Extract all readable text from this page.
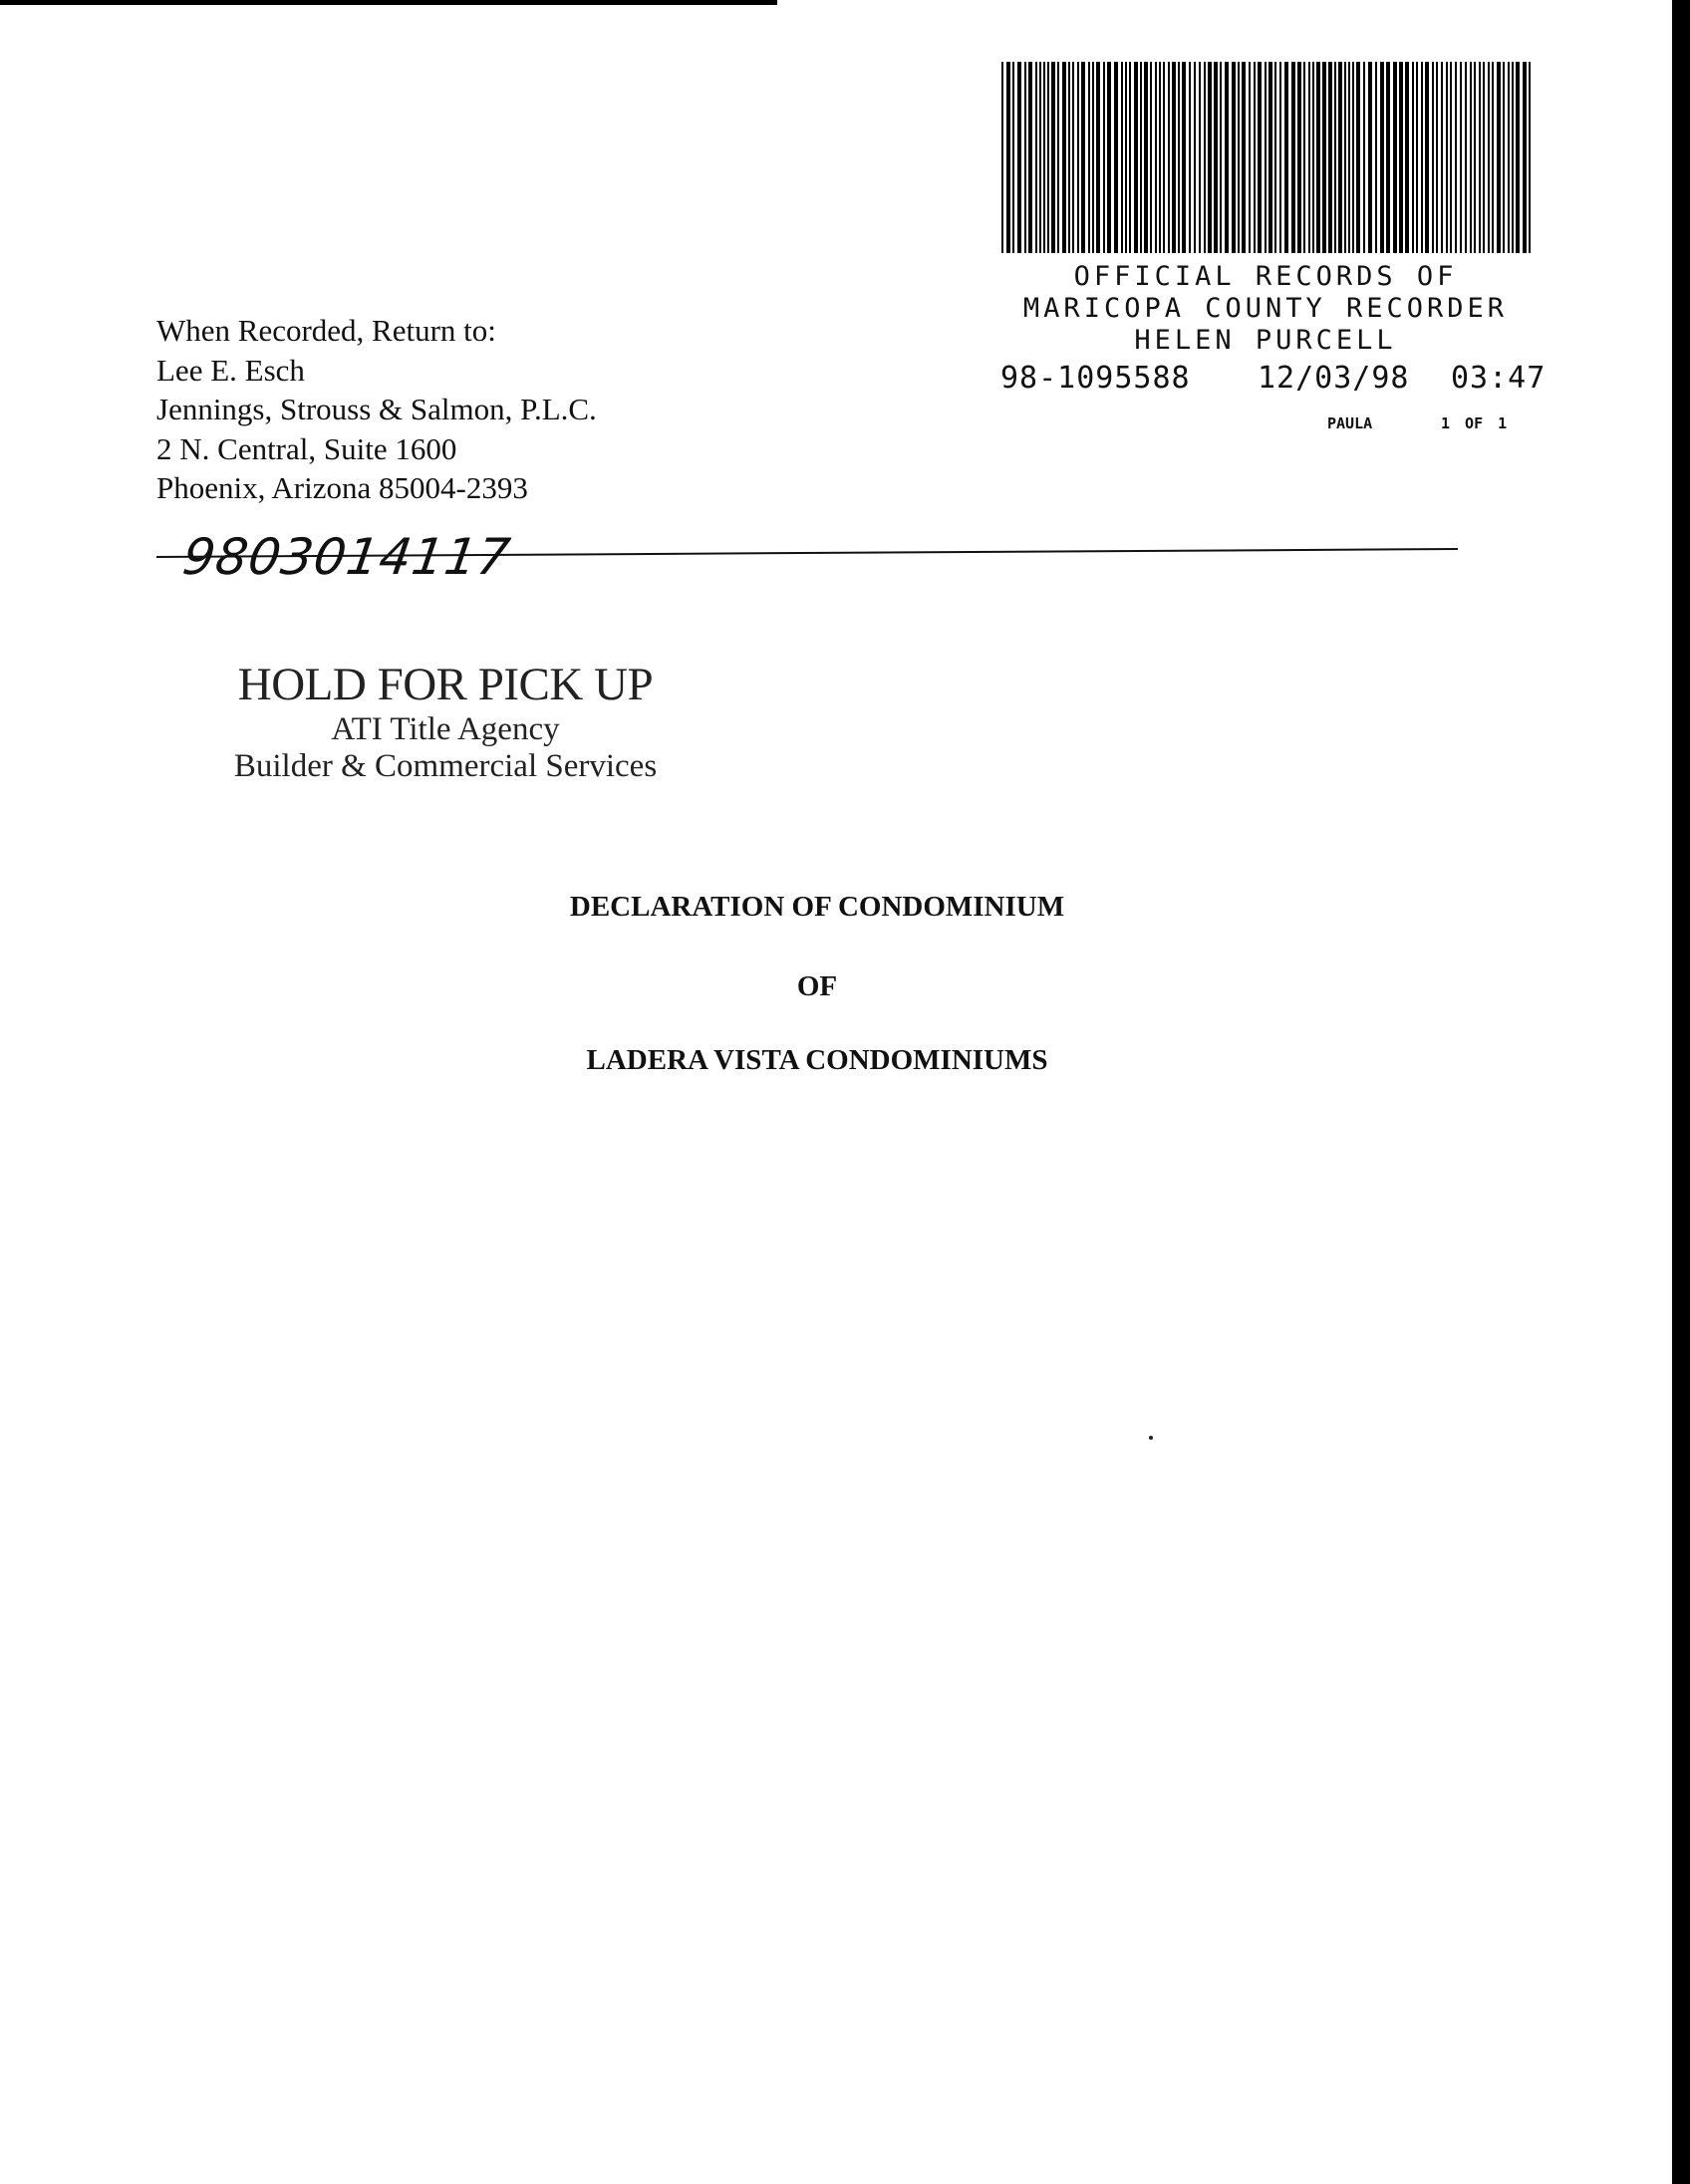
OFFICIAL RECORDS OF
MARICOPA COUNTY RECORDER
HELEN PURCELL
98-1095588 12/03/98 03:47
PAULA	1 OF 1
When Recorded, Return to:
Lee E. Esch
Jennings, Strouss & Salmon, P.L.C.
2 N. Central, Suite 1600
Phoenix, Arizona 85004-2393
9803014117
HOLD FOR PICK UP
ATI Title Agency
Builder & Commercial Services
DECLARATION OF CONDOMINIUM
OF
LADERA VISTA CONDOMINIUMS
